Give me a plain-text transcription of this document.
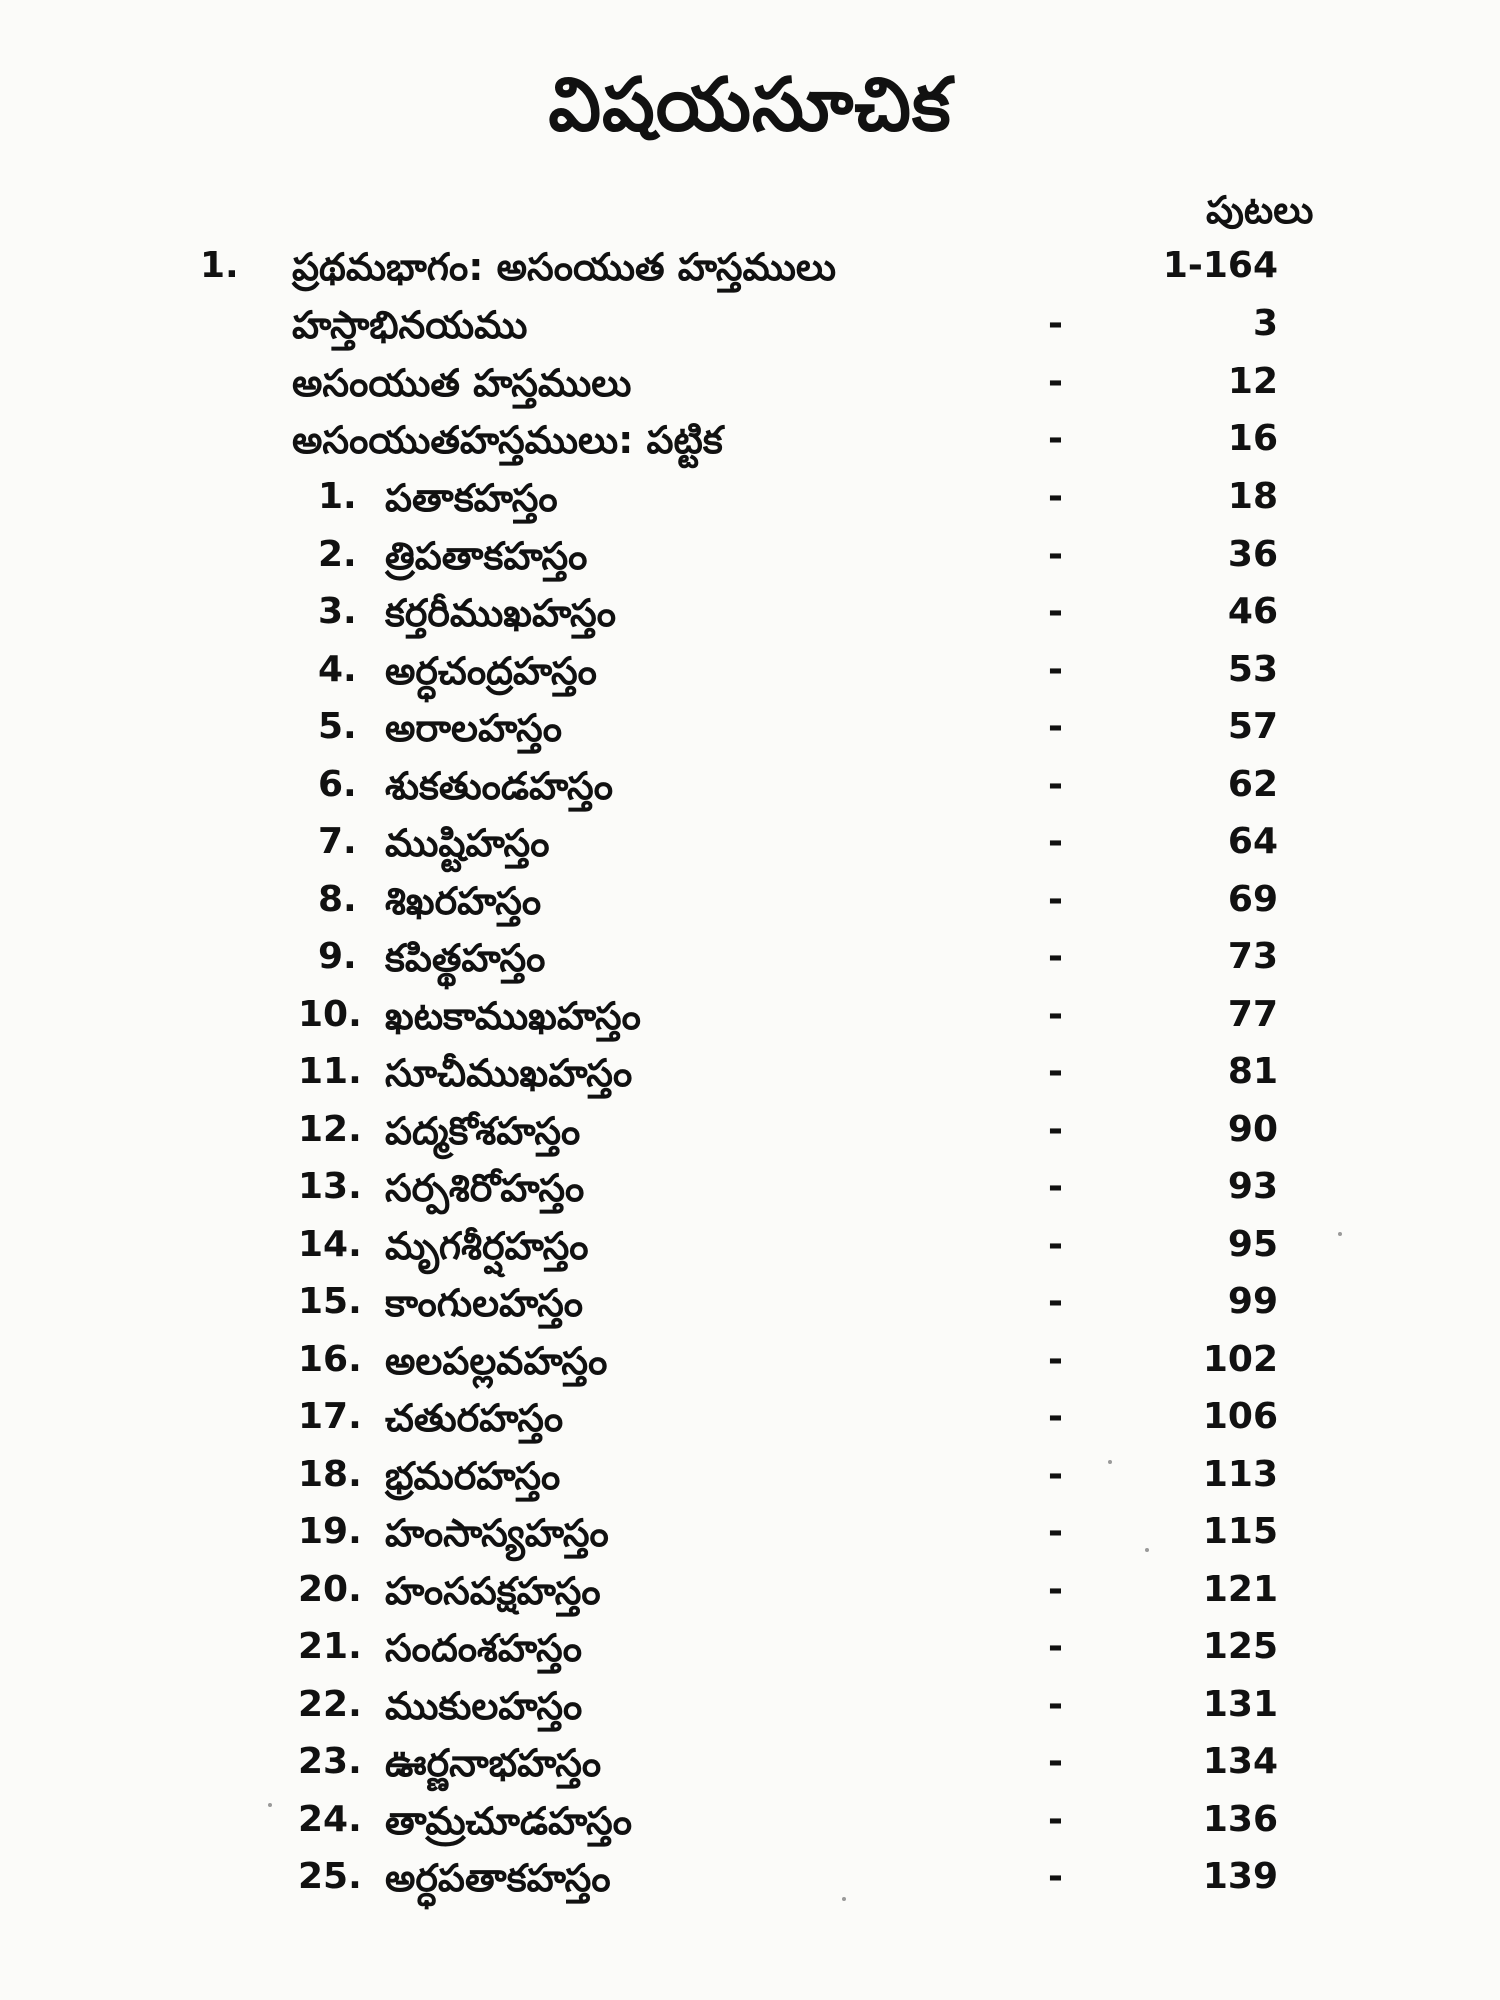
విషయసూచిక
పుటలు
1. ప్రథమభాగం: అసంయుత హస్తములు	1-164
హస్తాభినయము	-	3
అసంయుత హస్తములు	-	12
అసంయుతహస్తములు: పట్టిక	-	16
1. పతాకహస్తం	-	18
2. త్రిపతాకహస్తం	-	36
3. కర్తరీముఖహస్తం	-	46
4. అర్ధచంద్రహస్తం	-	53
5. అరాలహస్తం	-	57
6. శుకతుండహస్తం	-	62
7. ముష్టిహస్తం	-	64
8. శిఖరహస్తం	-	69
9. కపిత్థహస్తం	-	73
10. ఖటకాముఖహస్తం	-	77
11. సూచీముఖహస్తం	-	81
12. పద్మకోశహస్తం	-	90
13. సర్పశిరోహస్తం	-	93
14. మృగశీర్షహస్తం	-	95
15. కాంగులహస్తం	-	99
16. అలపల్లవహస్తం	-	102
17. చతురహస్తం	-	106
18. భ్రమరహస్తం	-	113
19. హంసాస్యహస్తం	-	115
20. హంసపక్షహస్తం	-	121
21. సందంశహస్తం	-	125
22. ముకులహస్తం	-	131
23. ఊర్ణనాభహస్తం	-	134
24. తామ్రచూడహస్తం	-	136
25. అర్ధపతాకహస్తం	-	139
